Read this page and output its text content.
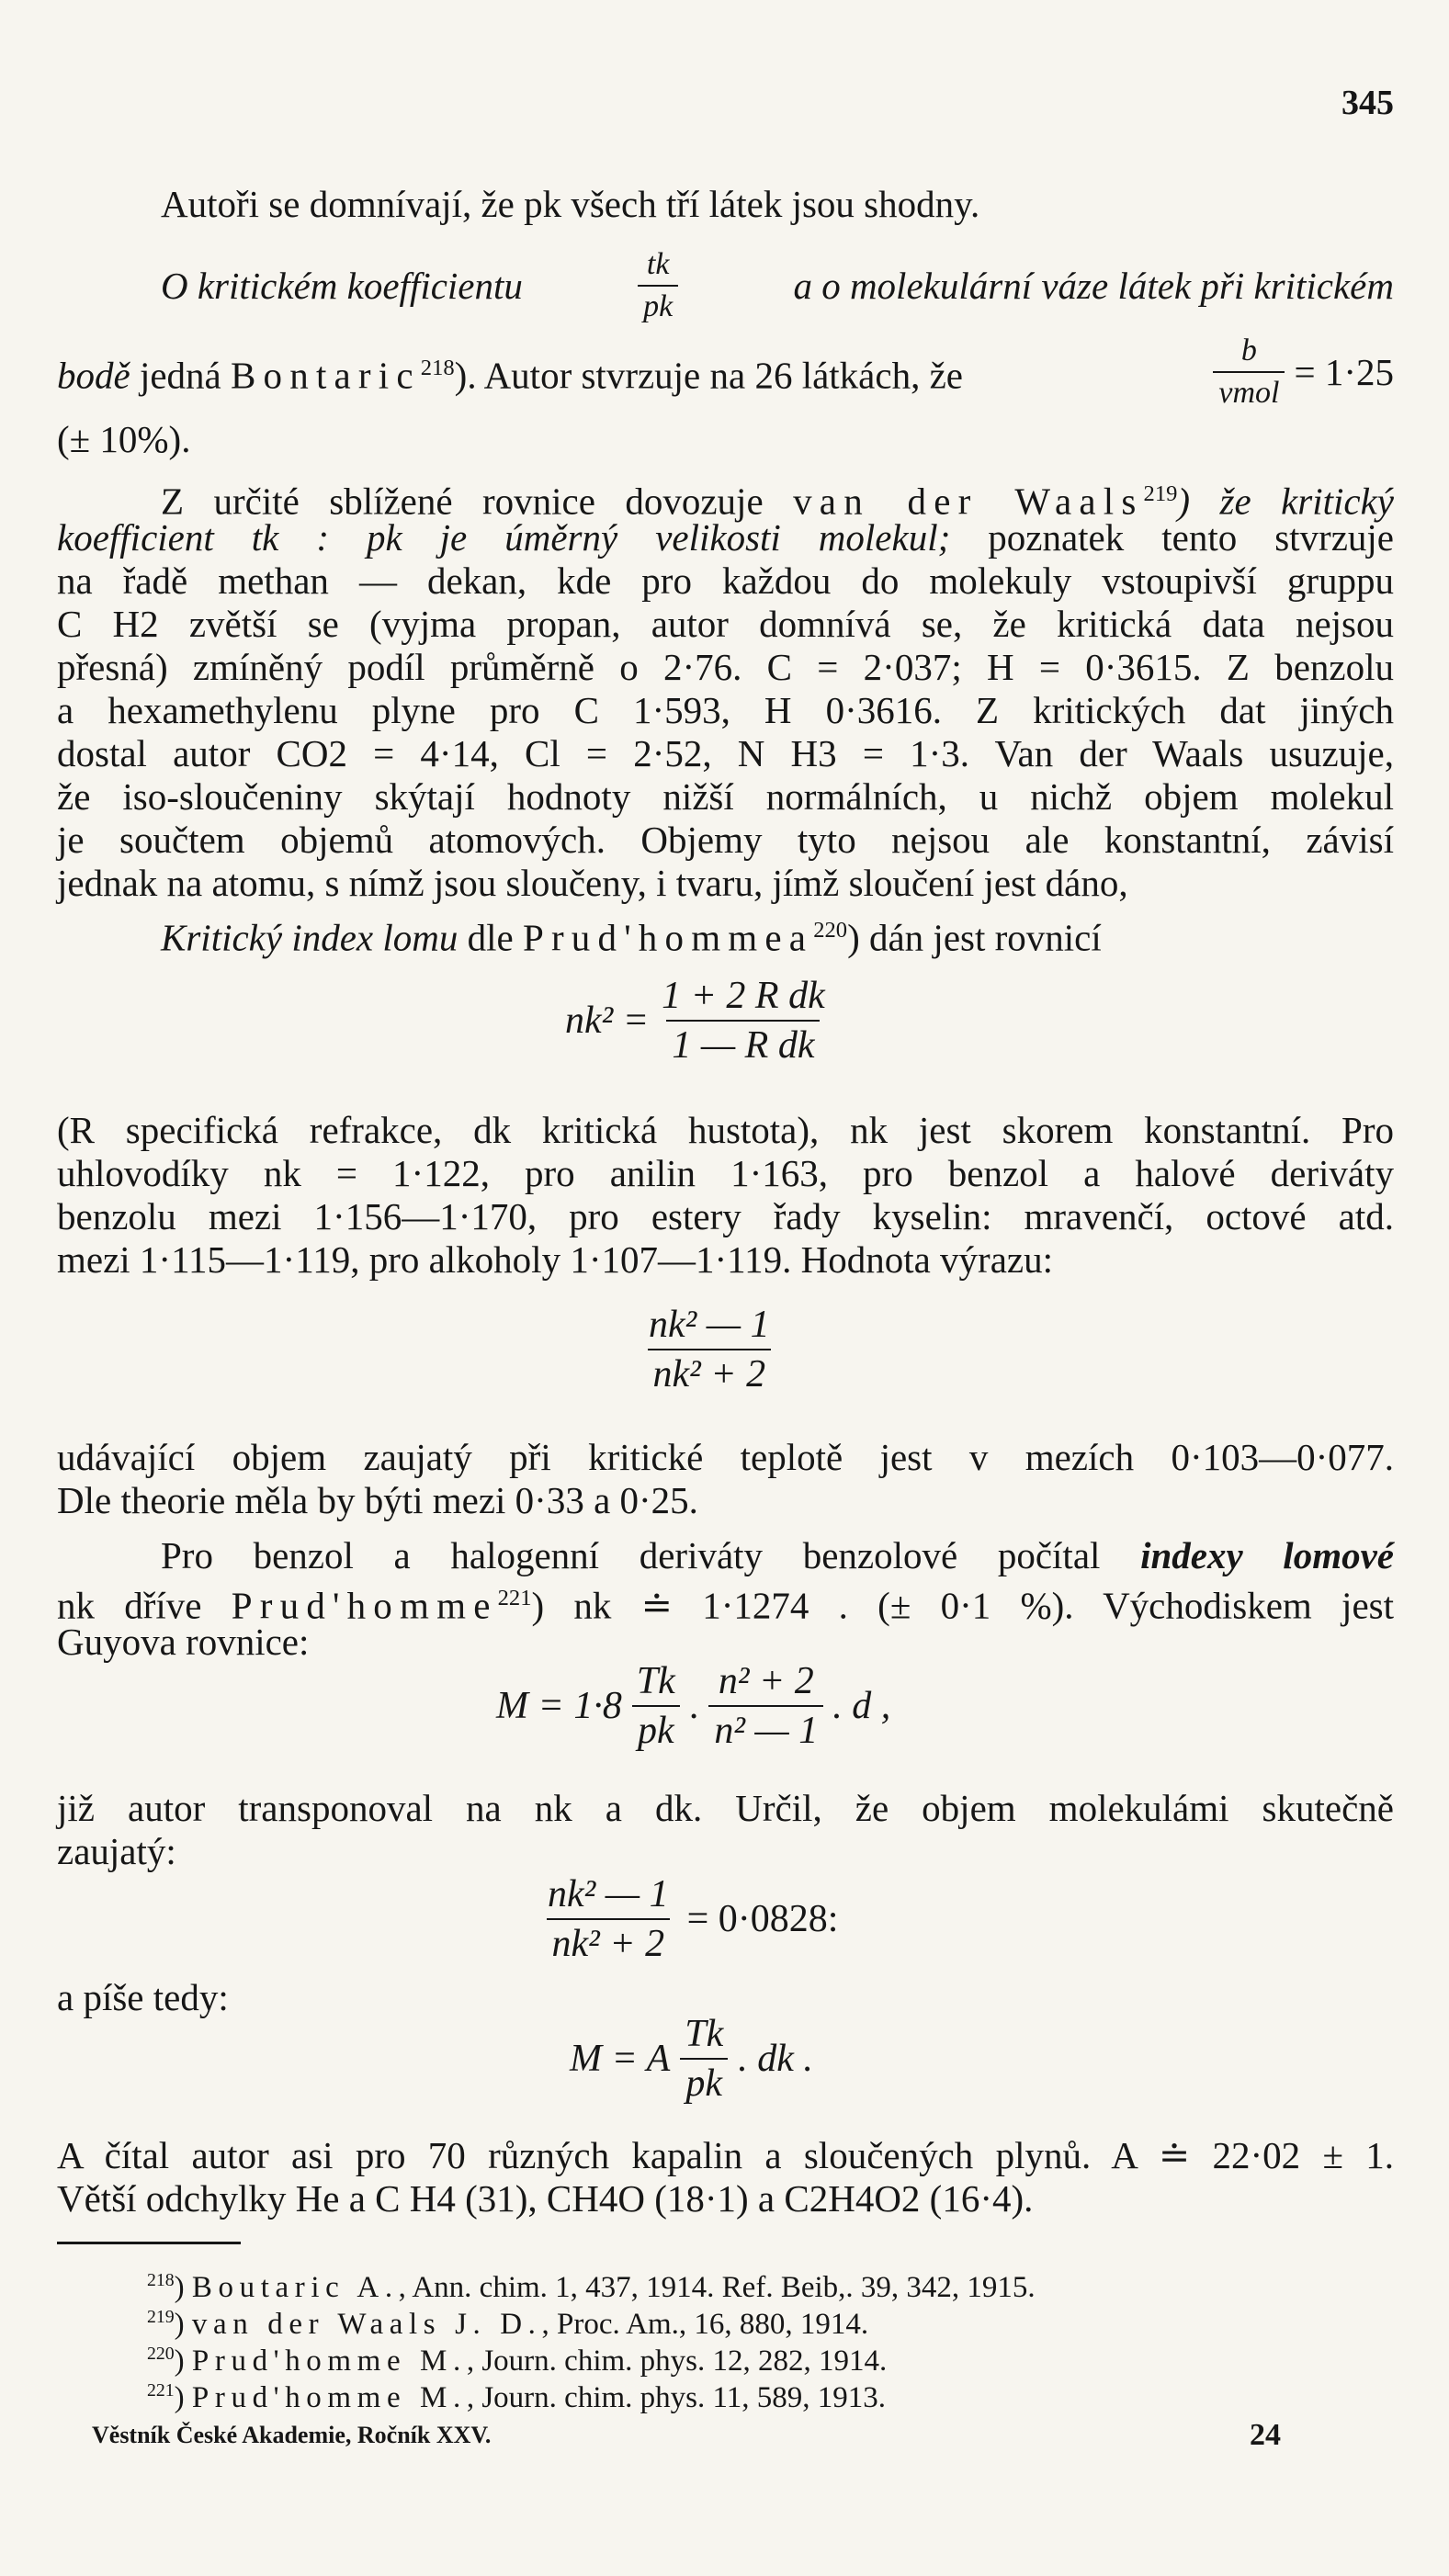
345
Autoři se domnívají, že pk všech tří látek jsou shodny.
O kritickém koefficientu	$\frac{tk}{pk}$	a o molekulární váze látek při kritickém
bodě jedná Bontaric$^{218}$). Autor stvrzuje na 26 látkách, že	$\frac{b}{\text{vmol}} = 1\cdot 25$
(± 10%).
Z určité sblížené rovnice dovozuje van der Waals$^{219}$) že kritický
koefficient tk : pk je úměrný velikosti molekul; poznatek tento stvrzuje
na řadě methan — dekan, kde pro každou do molekuly vstoupivší gruppu
C H2 zvětší se (vyjma propan, autor domnívá se, že kritická data nejsou
přesná) zmíněný podíl průměrně o 2·76. C = 2·037; H = 0·3615. Z benzolu
a hexamethylenu plyne pro C 1·593, H 0·3616. Z kritických dat jiných
dostal autor CO2 = 4·14, Cl = 2·52, N H3 = 1·3. Van der Waals usuzuje,
že iso-sloučeniny skýtají hodnoty nižší normálních, u nichž objem molekul
je součtem objemů atomových. Objemy tyto nejsou ale konstantní, závisí
jednak na atomu, s nímž jsou sloučeny, i tvaru, jímž sloučení jest dáno,
Kritický index lomu dle Prud'hommea$^{220}$) dán jest rovnicí
$nk^2 = \frac{\text{1 + 2 R dk}}{\text{1 — R dk}}$
(R specifická refrakce, dk kritická hustota), nk jest skorem konstantní. Pro
uhlovodíky nk = 1·122, pro anilin 1·163, pro benzol a halové deriváty
benzolu mezi 1·156—1·170, pro estery řady kyselin: mravenčí, octové atd.
mezi 1·115—1·119, pro alkoholy 1·107—1·119. Hodnota výrazu:
$\frac{\text{nk² — 1}}{\text{nk² + 2}}$
udávající objem zaujatý při kritické teplotě jest v mezích 0·103—0·077.
Dle theorie měla by býti mezi 0·33 a 0·25.
Pro benzol a halogenní deriváty benzolové počítal indexy lomové
nk dříve Prud'homme$^{221}$) nk ≐ 1·1274 . (± 0·1 %). Východiskem jest
Guyova rovnice:
$M = 1\cdot 8 \frac{Tk}{pk}$ . $\frac{\text{n² + 2}}{\text{n² — 1}}$ . d ,
již autor transponoval na nk a dk. Určil, že objem molekulámi skutečně
zaujatý:
$\frac{\text{nk² — 1}}{\text{nk² + 2}} = 0\cdot 0828$:
a píše tedy:
M = A $\frac{Tk}{pk}$ . dk .
A čítal autor asi pro 70 různých kapalin a sloučených plynů. A ≐ 22·02 ± 1.
Větší odchylky He a C H4 (31), CH4O (18·1) a C2H4O2 (16·4).
$^{218}$) Boutaric A., Ann. chim. 1, 437, 1914. Ref. Beib,. 39, 342, 1915.
$^{219}$) van der Waals J. D., Proc. Am., 16, 880, 1914.
$^{220}$) Prud'homme M., Journ. chim. phys. 12, 282, 1914.
$^{221}$) Prud'homme M., Journ. chim. phys. 11, 589, 1913.
Věstník České Akademie, Ročník XXV.	24
